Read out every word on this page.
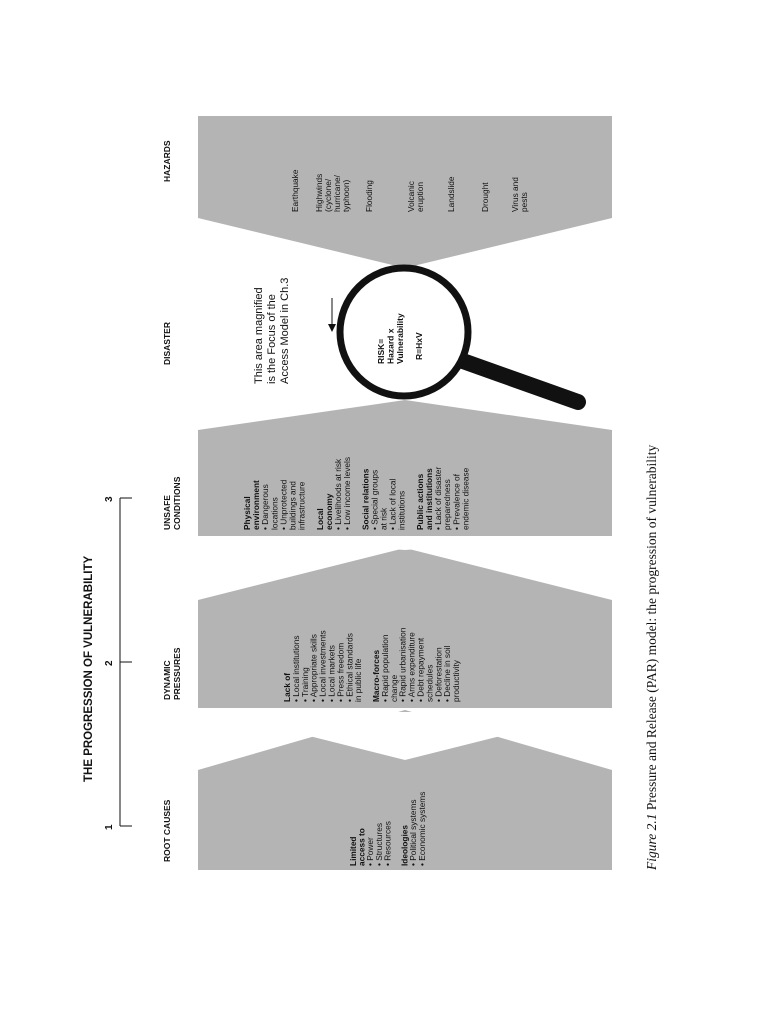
THE PROGRESSION OF VULNERABILITY
1
2
3
ROOT CAUSES
DYNAMIC PRESSURES
UNSAFE CONDITIONS
DISASTER
HAZARDS
Limited
access to
• Power
• Structures
• Resources Ideologies
• Political systems
• Economic systems
Lack of
• Local institutions
• Training
• Appropriate skills
• Local investments
• Local markets
• Press freedom
• Ethical standards
in public life Macro-forces
• Rapid population
change
• Rapid urbanisation
• Arms expenditure
• Debt repayment
schedules
• Deforestation
• Decline in soil
productivity
Physical environment • Dangerous locations • Unprotected buildings and infrastructure Local economy • Livelihoods at risk • Low income levels Social relations • Special groups at risk • Lack of local institutions Public actions and institutions • Lack of disaster preparedness • Prevalence of endemic disease
Earthquake Highwinds (cyclone/ hurricane/ typhoon) Flooding	Volcanic eruption	Landslide	Drought Virus and pests
RISK= Hazard x Vulnerability R=HxV
This area magnified is the Focus of the Access Model in Ch.3
Figure 2.1 Pressure and Release (PAR) model: the progression of vulnerability
